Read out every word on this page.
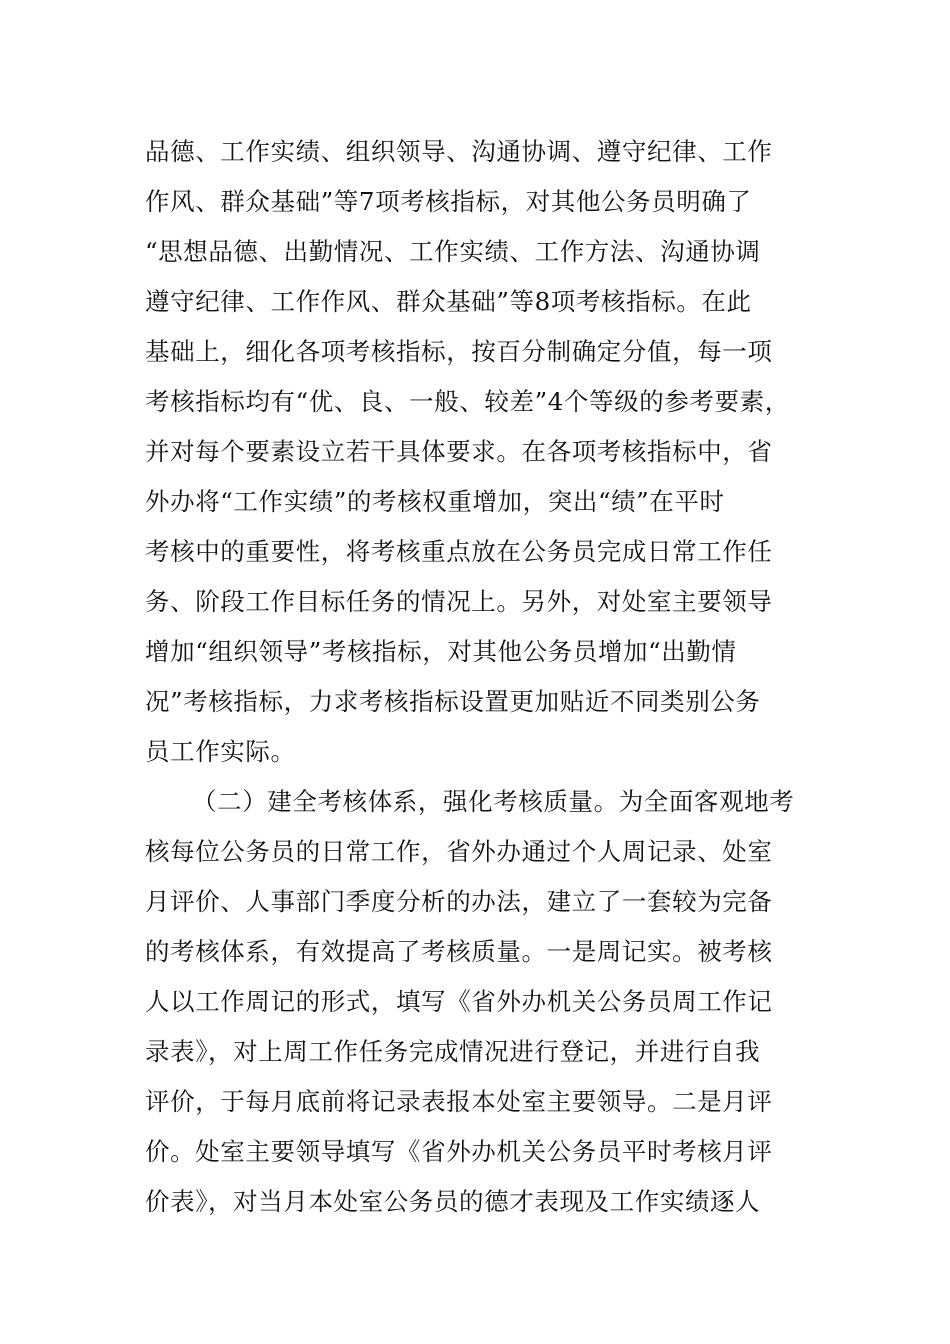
品德、工作实绩、组织领导、沟通协调、遵守纪律、工作
作风、群众基础”等7项考核指标，对其他公务员明确了
“思想品德、出勤情况、工作实绩、工作方法、沟通协调
遵守纪律、工作作风、群众基础”等8项考核指标。在此
基础上，细化各项考核指标，按百分制确定分值，每一项
考核指标均有“优、良、一般、较差”4个等级的参考要素，
并对每个要素设立若干具体要求。在各项考核指标中，省
外办将“工作实绩”的考核权重增加，突出“绩”在平时
考核中的重要性，将考核重点放在公务员完成日常工作任
务、阶段工作目标任务的情况上。另外，对处室主要领导
增加“组织领导”考核指标，对其他公务员增加“出勤情
况”考核指标，力求考核指标设置更加贴近不同类别公务
员工作实际。
（二）建全考核体系，强化考核质量。为全面客观地考
核每位公务员的日常工作，省外办通过个人周记录、处室
月评价、人事部门季度分析的办法，建立了一套较为完备
的考核体系，有效提高了考核质量。一是周记实。被考核
人以工作周记的形式，填写《省外办机关公务员周工作记
录表》，对上周工作任务完成情况进行登记，并进行自我
评价，于每月底前将记录表报本处室主要领导。二是月评
价。处室主要领导填写《省外办机关公务员平时考核月评
价表》，对当月本处室公务员的德才表现及工作实绩逐人
